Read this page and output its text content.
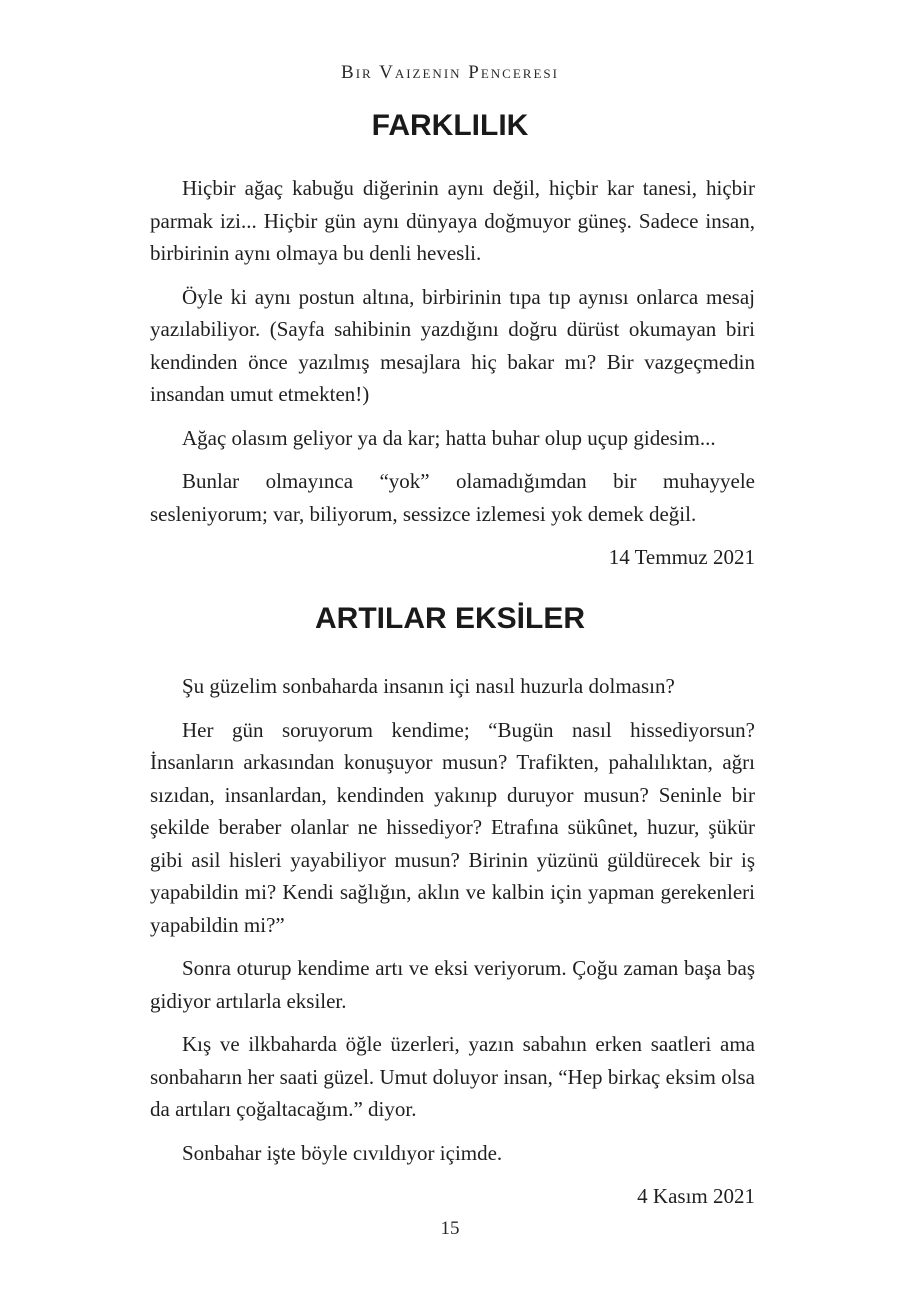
Bir Vaizenin Penceresi
FARKLILIK

Hiçbir ağaç kabuğu diğerinin aynı değil, hiçbir kar tanesi, hiçbir parmak izi... Hiçbir gün aynı dünyaya doğmuyor güneş. Sadece insan, birbirinin aynı olmaya bu denli hevesli.

Öyle ki aynı postun altına, birbirinin tıpa tıp aynısı onlarca mesaj yazılabiliyor. (Sayfa sahibinin yazdığını doğru dürüst okumayan biri kendinden önce yazılmış mesajlara hiç bakar mı? Bir vazgeçmedin insandan umut etmekten!)

Ağaç olasım geliyor ya da kar; hatta buhar olup uçup gidesim...

Bunlar olmayınca “yok” olamadığımdan bir muhayyele sesleniyorum; var, biliyorum, sessizce izlemesi yok demek değil.

14 Temmuz 2021

ARTILAR EKSİLER

Şu güzelim sonbaharda insanın içi nasıl huzurla dolmasın?

Her gün soruyorum kendime; “Bugün nasıl hissediyorsun? İnsanların arkasından konuşuyor musun? Trafikten, pahalılıktan, ağrı sızıdan, insanlardan, kendinden yakınıp duruyor musun? Seninle bir şekilde beraber olanlar ne hissediyor? Etrafına sükûnet, huzur, şükür gibi asil hisleri yayabiliyor musun? Birinin yüzünü güldürecek bir iş yapabildin mi? Kendi sağlığın, aklın ve kalbin için yapman gerekenleri yapabildin mi?”

Sonra oturup kendime artı ve eksi veriyorum. Çoğu zaman başa baş gidiyor artılarla eksiler.

Kış ve ilkbaharda öğle üzerleri, yazın sabahın erken saatleri ama sonbaharın her saati güzel. Umut doluyor insan, “Hep birkaç eksim olsa da artıları çoğaltacağım.” diyor.

Sonbahar işte böyle cıvıldıyor içimde.

4 Kasım 2021

15
